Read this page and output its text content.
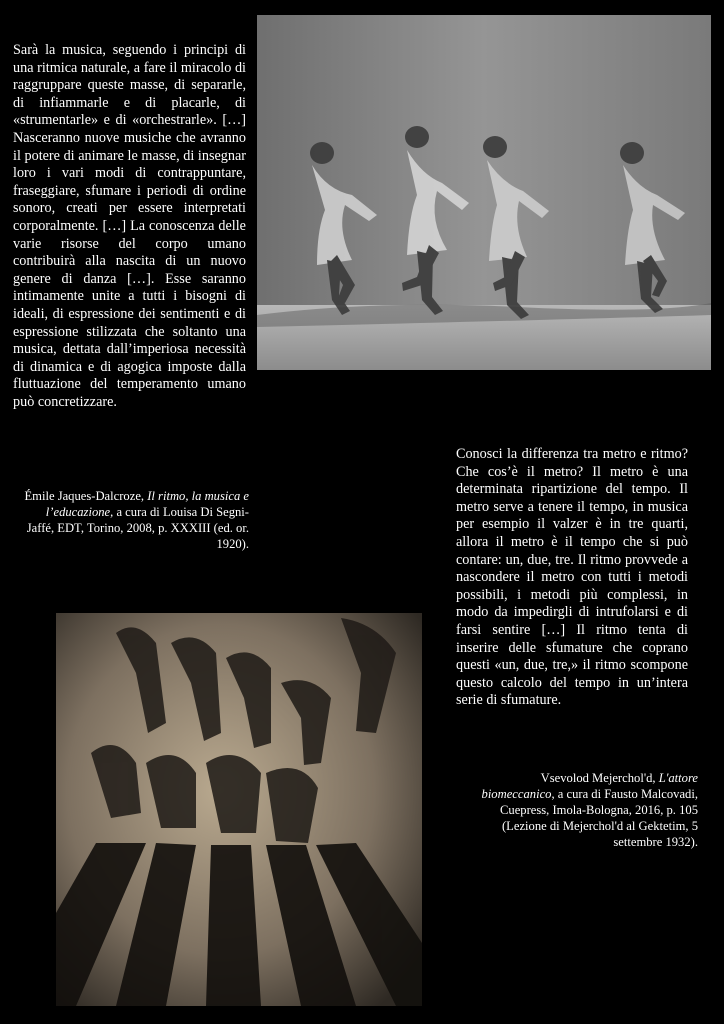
Sarà la musica, seguendo i principi di una ritmica naturale, a fare il miracolo di raggruppare queste masse, di separarle, di infiammarle e di placarle, di «strumentarle» e di «orchestrarle». […] Nasceranno nuove musiche che avranno il potere di animare le masse, di insegnar loro i vari modi di contrappuntare, fraseggiare, sfumare i periodi di ordine sonoro, creati per essere interpretati corporalmente. […] La conoscenza delle varie risorse del corpo umano contribuirà alla nascita di un nuovo genere di danza […]. Esse saranno intimamente unite a tutti i bisogni di ideali, di espressione dei sentimenti e di espressione stilizzata che soltanto una musica, dettata dall’imperiosa necessità di dinamica e di agogica imposte dalla fluttuazione del temperamento umano può concretizzare.
Émile Jaques-Dalcroze, Il ritmo, la musica e l’educazione, a cura di Louisa Di Segni-Jaffé, EDT, Torino, 2008, p. XXXIII (ed. or. 1920).
Conosci la differenza tra metro e ritmo? Che cos’è il metro? Il metro è una determinata ripartizione del tempo. Il metro serve a tenere il tempo, in musica per esempio il valzer è in tre quarti, allora il metro è il tempo che si può contare: un, due, tre. Il ritmo provvede a nascondere il metro con tutti i metodi possibili, i metodi più complessi, in modo da impedirgli di intrufolarsi e di farsi sentire […] Il ritmo tenta di inserire delle sfumature che coprano questi «un, due, tre,» il ritmo scompone questo calcolo del tempo in un’intera serie di sfumature.
Vsevolod Mejerchol'd, L'attore biomeccanico, a cura di Fausto Malcovadi, Cuepress, Imola-Bologna, 2016, p. 105 (Lezione di Mejerchol'd al Gektetim, 5 settembre 1932).
